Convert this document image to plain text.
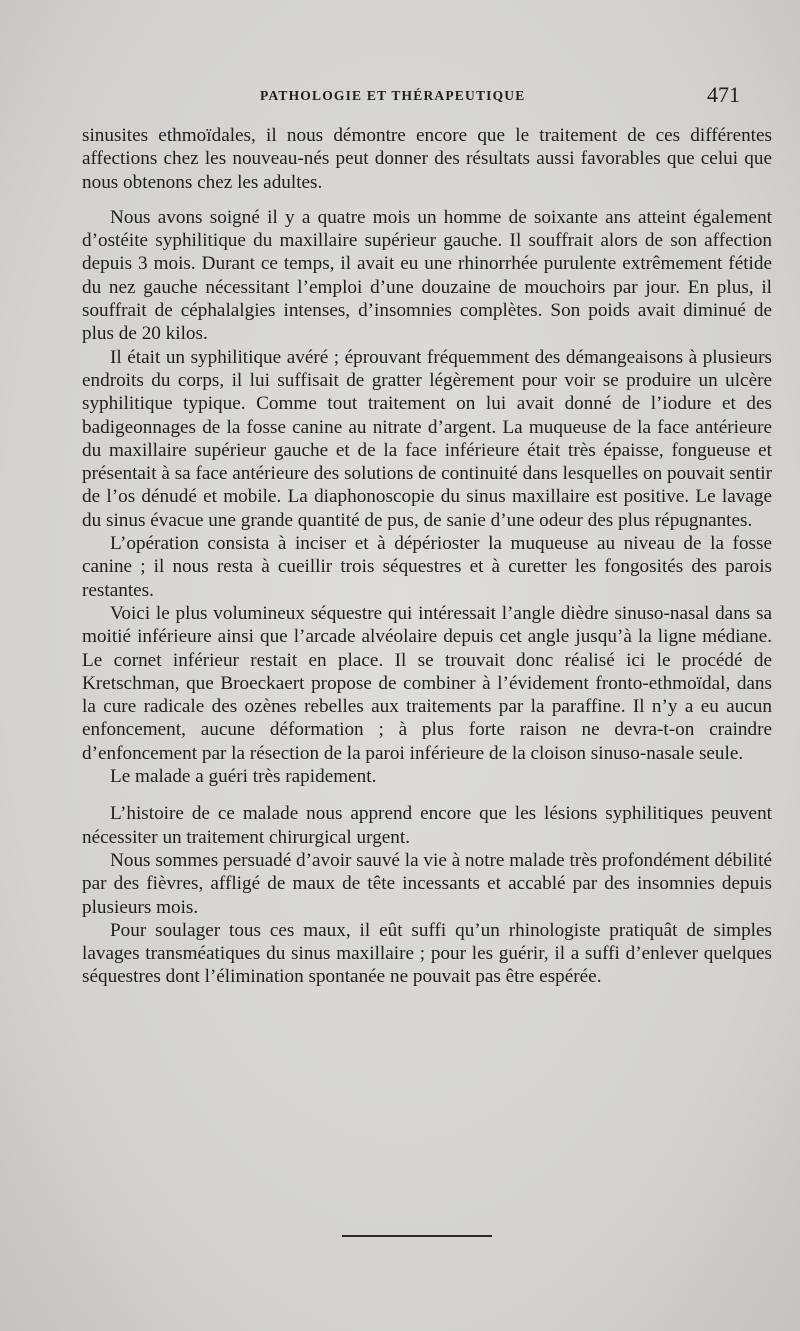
PATHOLOGIE ET THÉRAPEUTIQUE	471

sinusites ethmoïdales, il nous démontre encore que le traitement de ces différentes affections chez les nouveau-nés peut donner des résultats aussi favorables que celui que nous obtenons chez les adultes.

Nous avons soigné il y a quatre mois un homme de soixante ans atteint également d’ostéite syphilitique du maxillaire supérieur gauche. Il souffrait alors de son affection depuis 3 mois. Durant ce temps, il avait eu une rhinorrhée purulente extrêmement fétide du nez gauche nécessitant l’emploi d’une douzaine de mouchoirs par jour. En plus, il souffrait de céphalalgies intenses, d’insomnies complètes. Son poids avait diminué de plus de 20 kilos.

Il était un syphilitique avéré ; éprouvant fréquemment des démangeaisons à plusieurs endroits du corps, il lui suffisait de gratter légèrement pour voir se produire un ulcère syphilitique typique. Comme tout traitement on lui avait donné de l’iodure et des badigeonnages de la fosse canine au nitrate d’argent. La muqueuse de la face antérieure du maxillaire supérieur gauche et de la face inférieure était très épaisse, fongueuse et présentait à sa face antérieure des solutions de continuité dans lesquelles on pouvait sentir de l’os dénudé et mobile. La diaphonoscopie du sinus maxillaire est positive. Le lavage du sinus évacue une grande quantité de pus, de sanie d’une odeur des plus répugnantes.

L’opération consista à inciser et à dépérioster la muqueuse au niveau de la fosse canine ; il nous resta à cueillir trois séquestres et à curetter les fongosités des parois restantes.

Voici le plus volumineux séquestre qui intéressait l’angle dièdre sinuso-nasal dans sa moitié inférieure ainsi que l’arcade alvéolaire depuis cet angle jusqu’à la ligne médiane. Le cornet inférieur restait en place. Il se trouvait donc réalisé ici le procédé de Kretschman, que Broeckaert propose de combiner à l’évidement fronto-ethmoïdal, dans la cure radicale des ozènes rebelles aux traitements par la paraffine. Il n’y a eu aucun enfoncement, aucune déformation ; à plus forte raison ne devra-t-on craindre d’enfoncement par la résection de la paroi inférieure de la cloison sinuso-nasale seule.

Le malade a guéri très rapidement.

L’histoire de ce malade nous apprend encore que les lésions syphilitiques peuvent nécessiter un traitement chirurgical urgent.

Nous sommes persuadé d’avoir sauvé la vie à notre malade très profondément débilité par des fièvres, affligé de maux de tête incessants et accablé par des insomnies depuis plusieurs mois.

Pour soulager tous ces maux, il eût suffi qu’un rhinologiste pratiquât de simples lavages transméatiques du sinus maxillaire ; pour les guérir, il a suffi d’enlever quelques séquestres dont l’élimination spontanée ne pouvait pas être espérée.
